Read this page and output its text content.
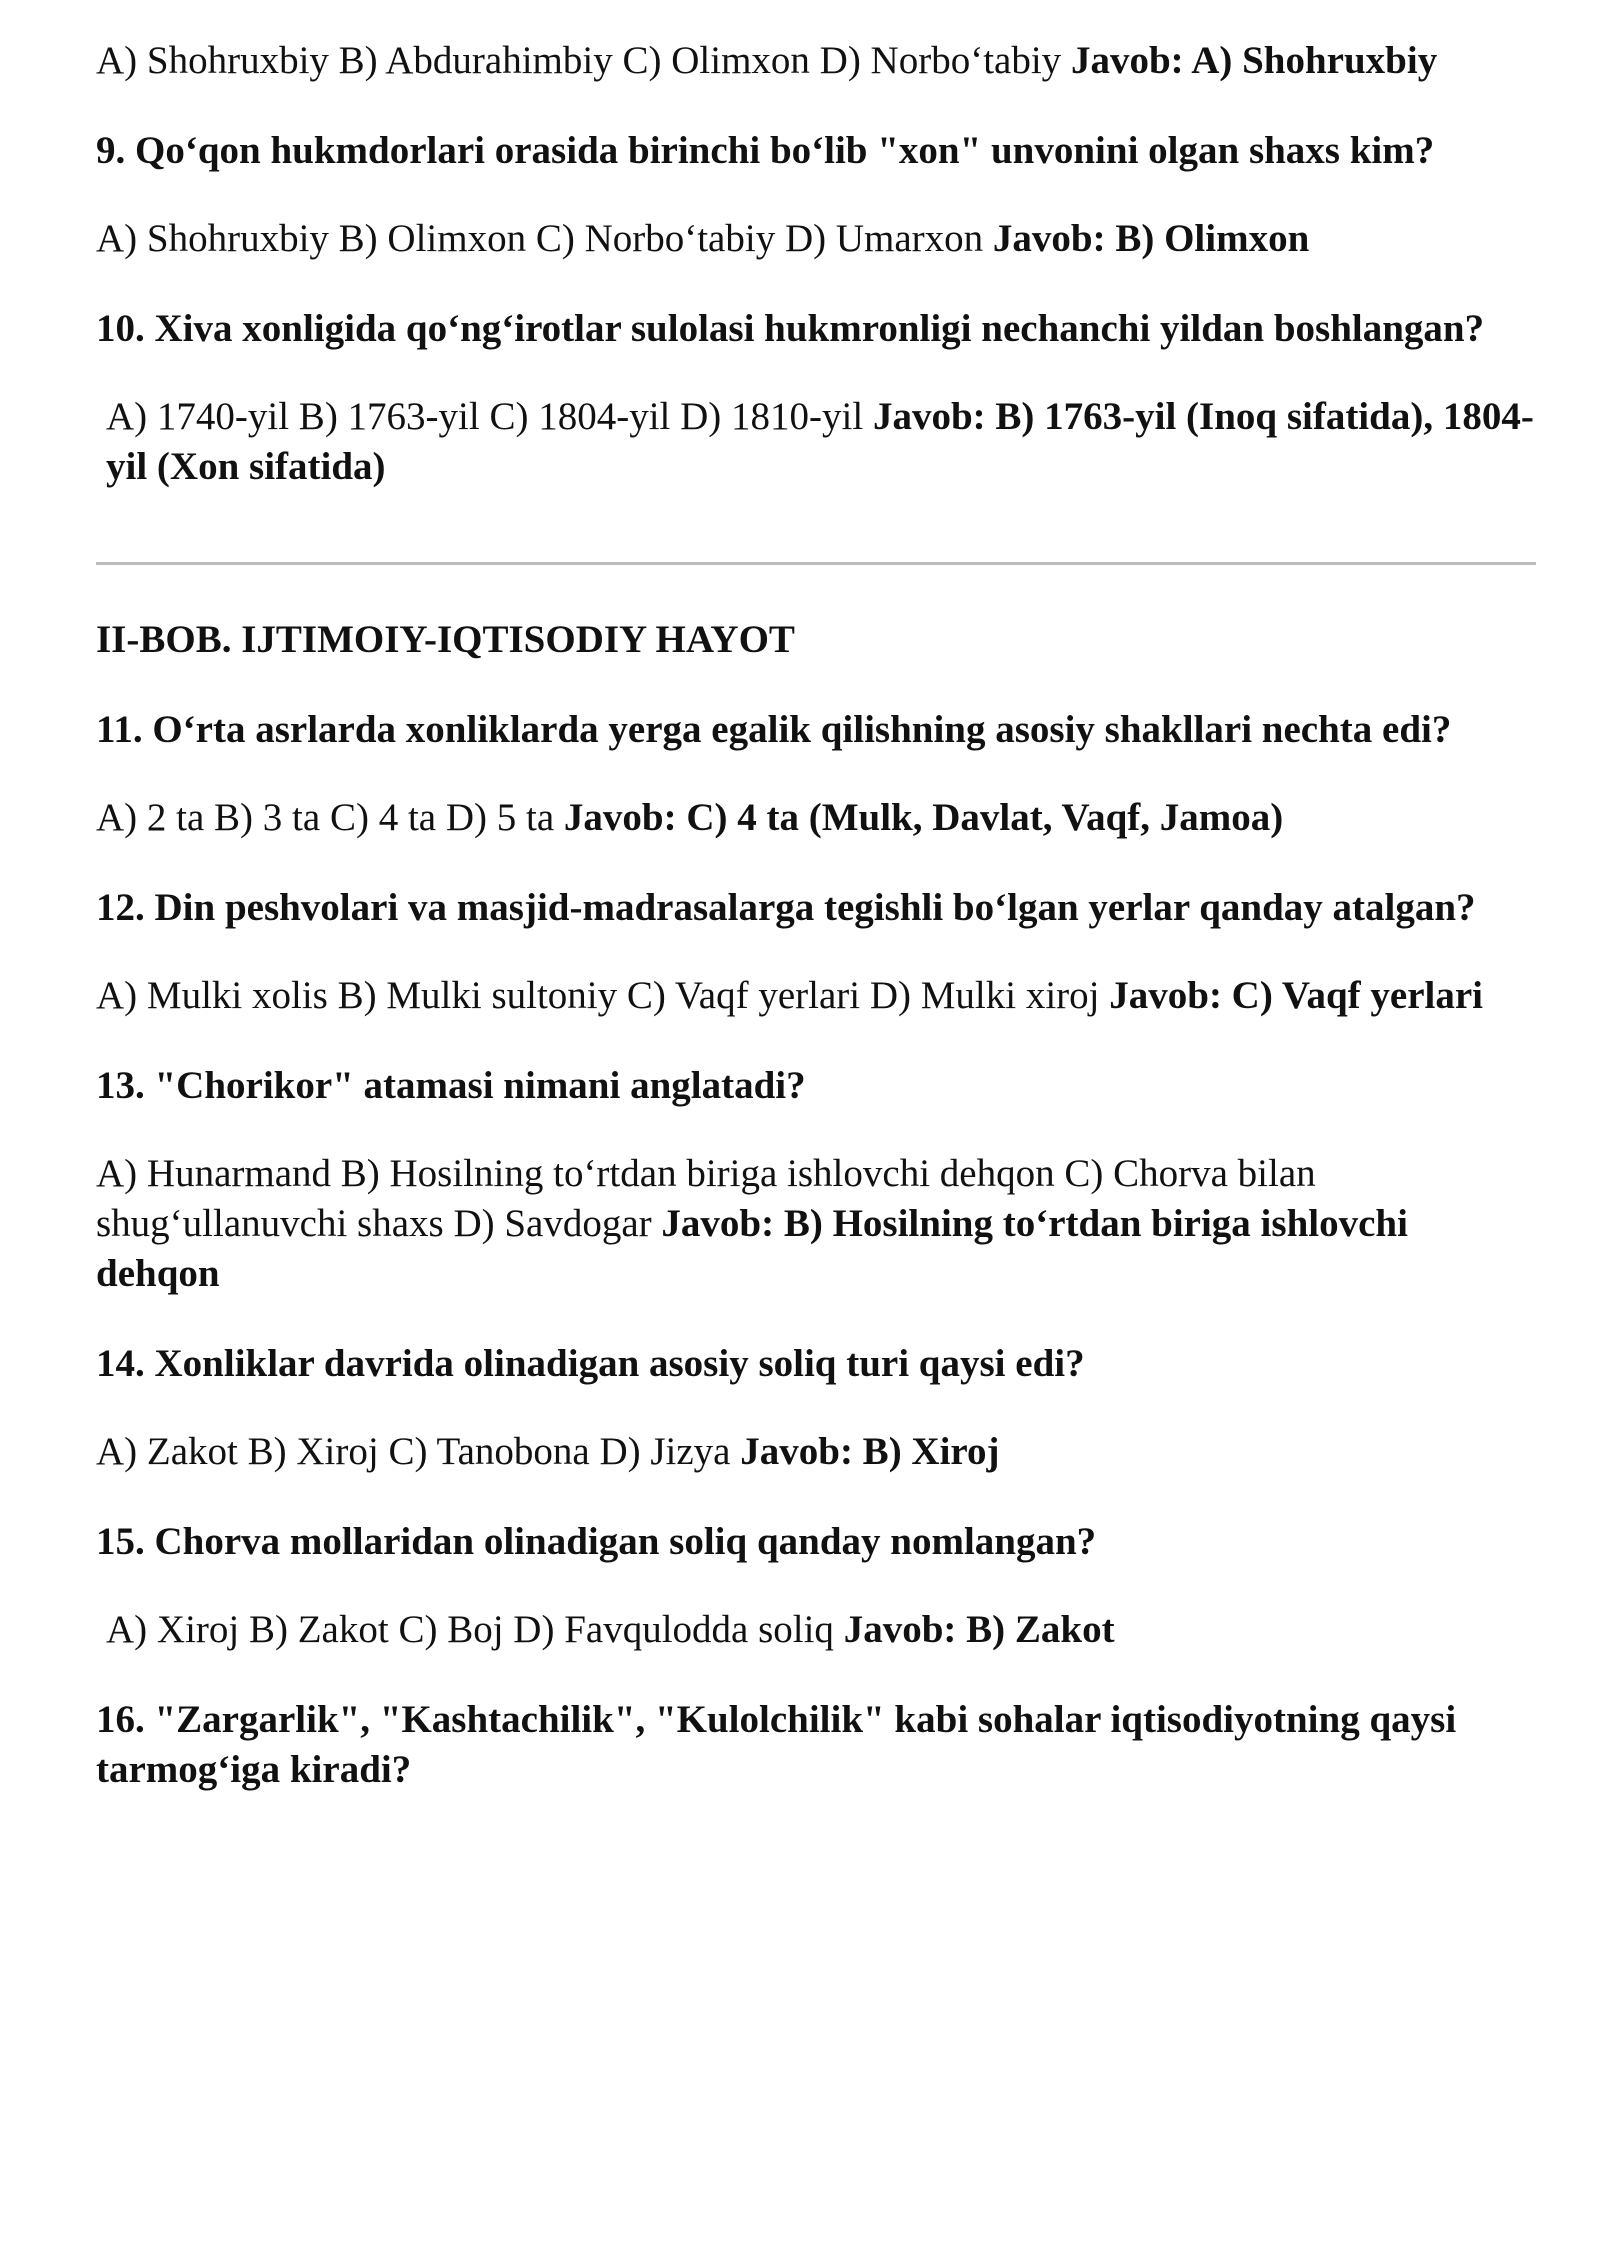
A) Shohruxbiy B) Abdurahimbiy C) Olimxon D) Norbo‘tabiy Javob: A) Shohruxbiy

9. Qo‘qon hukmdorlari orasida birinchi bo‘lib "xon" unvonini olgan shaxs kim?

A) Shohruxbiy B) Olimxon C) Norbo‘tabiy D) Umarxon Javob: B) Olimxon

10. Xiva xonligida qo‘ng‘irotlar sulolasi hukmronligi nechanchi yildan boshlangan?

A) 1740-yil B) 1763-yil C) 1804-yil D) 1810-yil Javob: B) 1763-yil (Inoq sifatida), 1804-yil (Xon sifatida)

II-BOB. IJTIMOIY-IQTISODIY HAYOT

11. O‘rta asrlarda xonliklarda yerga egalik qilishning asosiy shakllari nechta edi?

A) 2 ta B) 3 ta C) 4 ta D) 5 ta Javob: C) 4 ta (Mulk, Davlat, Vaqf, Jamoa)

12. Din peshvolari va masjid-madrasalarga tegishli bo‘lgan yerlar qanday atalgan?

A) Mulki xolis B) Mulki sultoniy C) Vaqf yerlari D) Mulki xiroj Javob: C) Vaqf yerlari

13. "Chorikor" atamasi nimani anglatadi?

A) Hunarmand B) Hosilning to‘rtdan biriga ishlovchi dehqon C) Chorva bilan shug‘ullanuvchi shaxs D) Savdogar Javob: B) Hosilning to‘rtdan biriga ishlovchi dehqon

14. Xonliklar davrida olinadigan asosiy soliq turi qaysi edi?

A) Zakot B) Xiroj C) Tanobona D) Jizya Javob: B) Xiroj

15. Chorva mollaridan olinadigan soliq qanday nomlangan?

A) Xiroj B) Zakot C) Boj D) Favqulodda soliq Javob: B) Zakot

16. "Zargarlik", "Kashtachilik", "Kulolchilik" kabi sohalar iqtisodiyotning qaysi tarmog‘iga kiradi?
